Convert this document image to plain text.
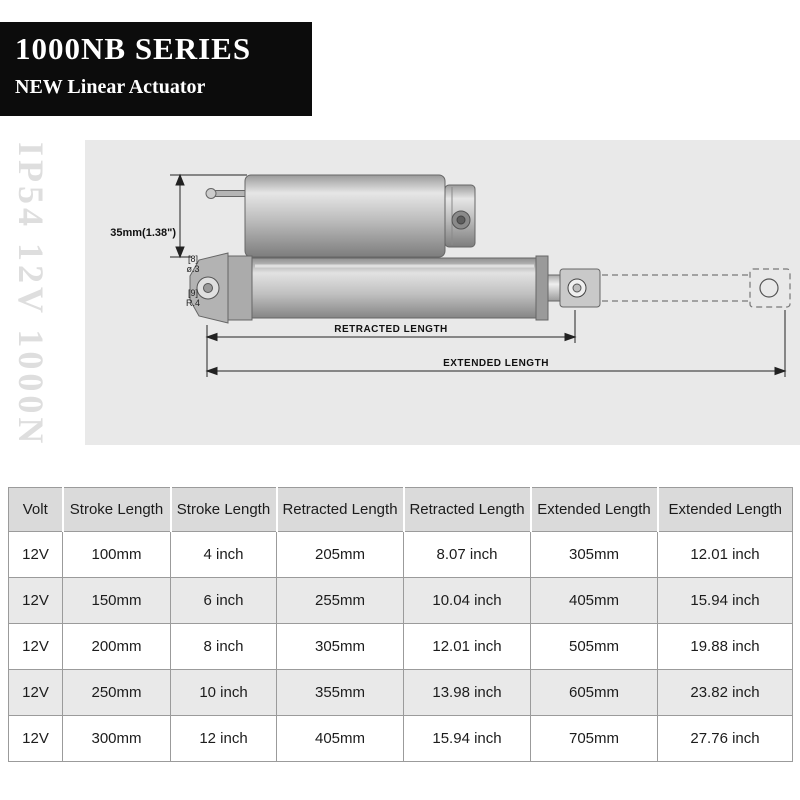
1000NB SERIES
NEW Linear Actuator
IP54 12V 1000N	35mm(1.38")
[8]
ø.3
[9]
R.4
RETRACTED LENGTH
EXTENDED LENGTH
Volt	Stroke Length	Stroke Length	Retracted Length	Retracted Length	Extended Length	Extended Length
12V	100mm	4 inch	205mm	8.07 inch	305mm	12.01 inch
12V	150mm	6 inch	255mm	10.04 inch	405mm	15.94 inch
12V	200mm	8 inch	305mm	12.01 inch	505mm	19.88 inch
12V	250mm	10 inch	355mm	13.98 inch	605mm	23.82 inch
12V	300mm	12 inch	405mm	15.94 inch	705mm	27.76 inch
